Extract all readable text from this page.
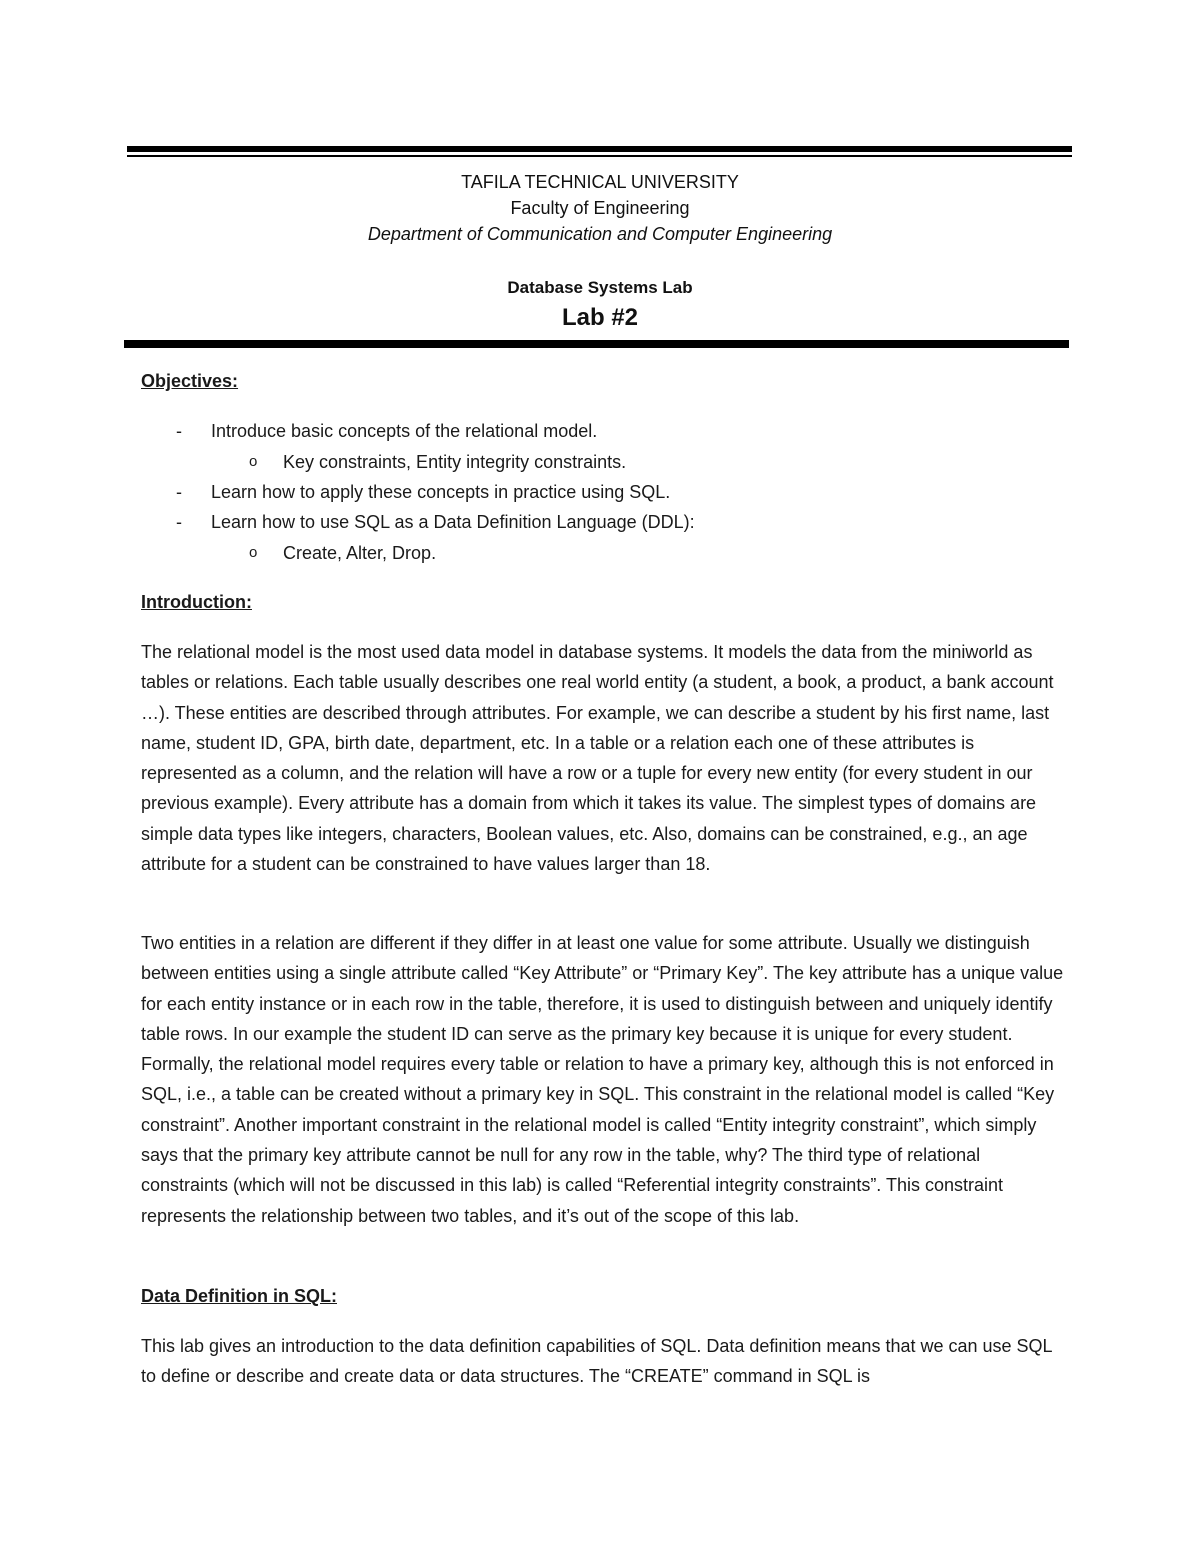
TAFILA TECHNICAL UNIVERSITY
Faculty of Engineering
Department of Communication and Computer Engineering
Database Systems Lab
Lab #2
Objectives:
- Introduce basic concepts of the relational model.
o Key constraints, Entity integrity constraints.
- Learn how to apply these concepts in practice using SQL.
- Learn how to use SQL as a Data Definition Language (DDL):
o Create, Alter, Drop.
Introduction:

The relational model is the most used data model in database systems. It models the data from the miniworld as tables or relations. Each table usually describes one real world entity (a student, a book, a product, a bank account …). These entities are described through attributes. For example, we can describe a student by his first name, last name, student ID, GPA, birth date, department, etc. In a table or a relation each one of these attributes is represented as a column, and the relation will have a row or a tuple for every new entity (for every student in our previous example). Every attribute has a domain from which it takes its value. The simplest types of domains are simple data types like integers, characters, Boolean values, etc. Also, domains can be constrained, e.g., an age attribute for a student can be constrained to have values larger than 18.

Two entities in a relation are different if they differ in at least one value for some attribute. Usually we distinguish between entities using a single attribute called “Key Attribute” or “Primary Key”. The key attribute has a unique value for each entity instance or in each row in the table, therefore, it is used to distinguish between and uniquely identify table rows. In our example the student ID can serve as the primary key because it is unique for every student. Formally, the relational model requires every table or relation to have a primary key, although this is not enforced in SQL, i.e., a table can be created without a primary key in SQL. This constraint in the relational model is called “Key constraint”. Another important constraint in the relational model is called “Entity integrity constraint”, which simply says that the primary key attribute cannot be null for any row in the table, why? The third type of relational constraints (which will not be discussed in this lab) is called “Referential integrity constraints”. This constraint represents the relationship between two tables, and it’s out of the scope of this lab.

Data Definition in SQL:

This lab gives an introduction to the data definition capabilities of SQL. Data definition means that we can use SQL to define or describe and create data or data structures. The “CREATE” command in SQL is
